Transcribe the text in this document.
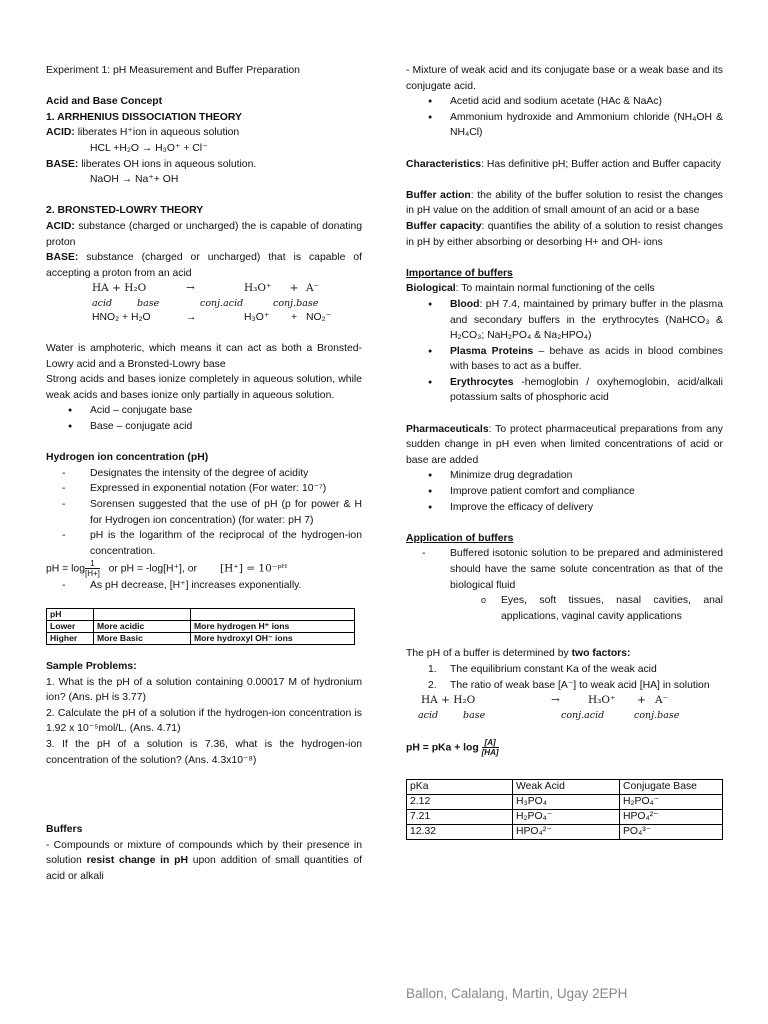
Experiment 1: pH Measurement and Buffer Preparation

Acid and Base Concept

1. ARRHENIUS DISSOCIATION THEORY

ACID: liberates H⁺ion in aqueous solution

HCL +H₂O → H₃O⁺ + Cl⁻

BASE: liberates OH ions in aqueous solution.

NaOH → Na⁺+ OH

2. BRONSTED-LOWRY THEORY

ACID: substance (charged or uncharged) the is capable of donating proton

BASE: substance (charged or uncharged) that is capable of accepting a proton from an acid

HA + H₂O	→	H₃O⁺	+ A⁻
acid	base	conj.acid	conj.base
HNO₂ + H₂O	→	H₃O⁺	+ NO₂⁻

Water is amphoteric, which means it can act as both a Bronsted-Lowry acid and a Bronsted-Lowry base

Strong acids and bases ionize completely in aqueous solution, while weak acids and bases ionize only partially in aqueous solution.

● Acid – conjugate base
● Base – conjugate acid

Hydrogen ion concentration (pH)

- Designates the intensity of the degree of acidity
- Expressed in exponential notation (For water: 10⁻⁷)
- Sorensen suggested that the use of pH (p for power & H for Hydrogen ion concentration) (for water: pH 7)
- pH is the logarithm of the reciprocal of the hydrogen-ion concentration.

pH = $\log \frac{1}{[H+]}$ or pH = -log[H⁺], or [H⁺] = 10⁻ᵖᴴ

- As pH decrease, [H⁺] increases exponentially.
pH		
Lower	More acidic	More hydrogen H⁺ ions
Higher	More Basic	More hydroxyl OH⁻ ions

Sample Problems:

1. What is the pH of a solution containing 0.00017 M of hydronium ion? (Ans. pH is 3.77)

2. Calculate the pH of a solution if the hydrogen-ion concentration is 1.92 x 10⁻⁵mol/L. (Ans. 4.71)

3. If the pH of a solution is 7.36, what is the hydrogen-ion concentration of the solution? (Ans. 4.3x10⁻⁸)

Buffers

- Compounds or mixture of compounds which by their presence in solution resist change in pH upon addition of small quantities of acid or alkali

- Mixture of weak acid and its conjugate base or a weak base and its conjugate acid.

● Acetid acid and sodium acetate (HAc & NaAc)
● Ammonium hydroxide and Ammonium chloride (NH₄OH & NH₄Cl)

Characteristics: Has definitive pH; Buffer action and Buffer capacity

Buffer action: the ability of the buffer solution to resist the changes in pH value on the addition of small amount of an acid or a base

Buffer capacity: quantifies the ability of a solution to resist changes in pH by either absorbing or desorbing H+ and OH- ions

Importance of buffers

Biological: To maintain normal functioning of the cells

● Blood: pH 7.4, maintained by primary buffer in the plasma and secondary buffers in the erythrocytes (NaHCO₃ & H₂CO₃; NaH₂PO₄ & Na₂HPO₄)
● Plasma Proteins – behave as acids in blood combines with bases to act as a buffer.
● Erythrocytes -hemoglobin / oxyhemoglobin, acid/alkali potassium salts of phosphoric acid

Pharmaceuticals: To protect pharmaceutical preparations from any sudden change in pH even when limited concentrations of acid or base are added

● Minimize drug degradation
● Improve patient comfort and compliance
● Improve the efficacy of delivery

Application of buffers

- Buffered isotonic solution to be prepared and administered should have the same solute concentration as that of the biological fluid
o Eyes, soft tissues, nasal cavities, anal applications, vaginal cavity applications

The pH of a buffer is determined by two factors:

1. The equilibrium constant Ka of the weak acid
2. The ratio of weak base [A⁻] to weak acid [HA] in solution
HA + H₂O	→	H₃O⁺	+ A⁻
acid	base	conj.acid	conj.base

pH = pKa + $\log \frac{[A]}{[HA]}$

pKa	Weak Acid	Conjugate Base
2.12	H₃PO₄	H₂PO₄⁻
7.21	H₂PO₄⁻	HPO₄²⁻
12.32	HPO₄²⁻	PO₄³⁻
Ballon, Calalang, Martin, Ugay 2EPH
